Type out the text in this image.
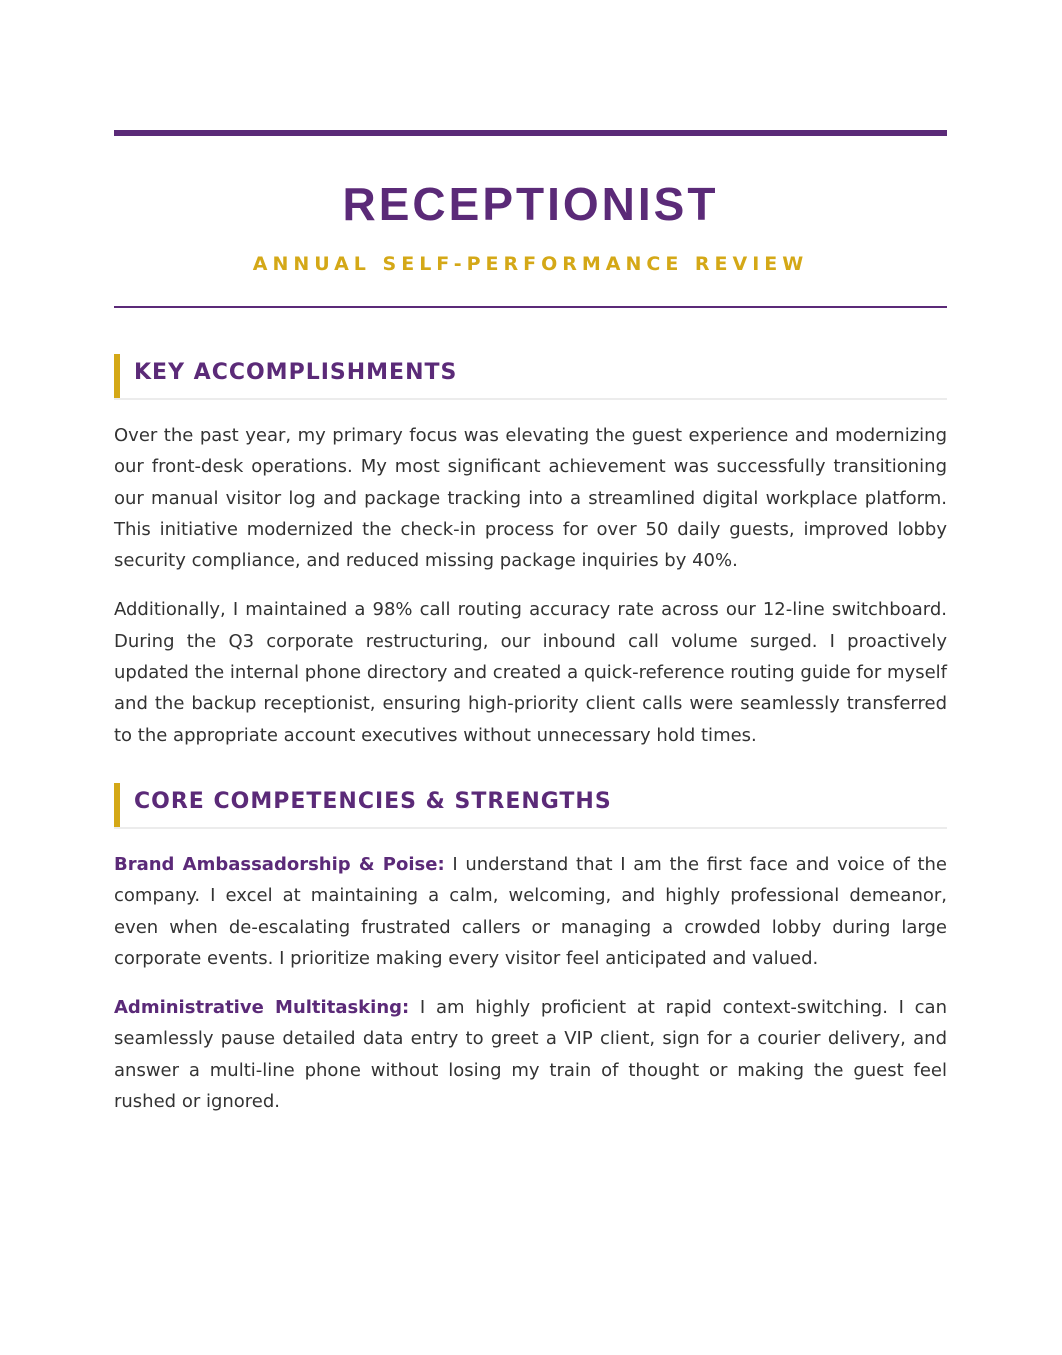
RECEPTIONIST
ANNUAL SELF-PERFORMANCE REVIEW
KEY ACCOMPLISHMENTS

Over the past year, my primary focus was elevating the guest experience and modernizing our front-desk operations. My most significant achievement was successfully transitioning our manual visitor log and package tracking into a streamlined digital workplace platform. This initiative modernized the check-in process for over 50 daily guests, improved lobby security compliance, and reduced missing package inquiries by 40%.

Additionally, I maintained a 98% call routing accuracy rate across our 12-line switchboard. During the Q3 corporate restructuring, our inbound call volume surged. I proactively updated the internal phone directory and created a quick-reference routing guide for myself and the backup receptionist, ensuring high-priority client calls were seamlessly transferred to the appropriate account executives without unnecessary hold times.

CORE COMPETENCIES & STRENGTHS

Brand Ambassadorship & Poise: I understand that I am the first face and voice of the company. I excel at maintaining a calm, welcoming, and highly professional demeanor, even when de-escalating frustrated callers or managing a crowded lobby during large corporate events. I prioritize making every visitor feel anticipated and valued.

Administrative Multitasking: I am highly proficient at rapid context-switching. I can seamlessly pause detailed data entry to greet a VIP client, sign for a courier delivery, and answer a multi-line phone without losing my train of thought or making the guest feel rushed or ignored.
